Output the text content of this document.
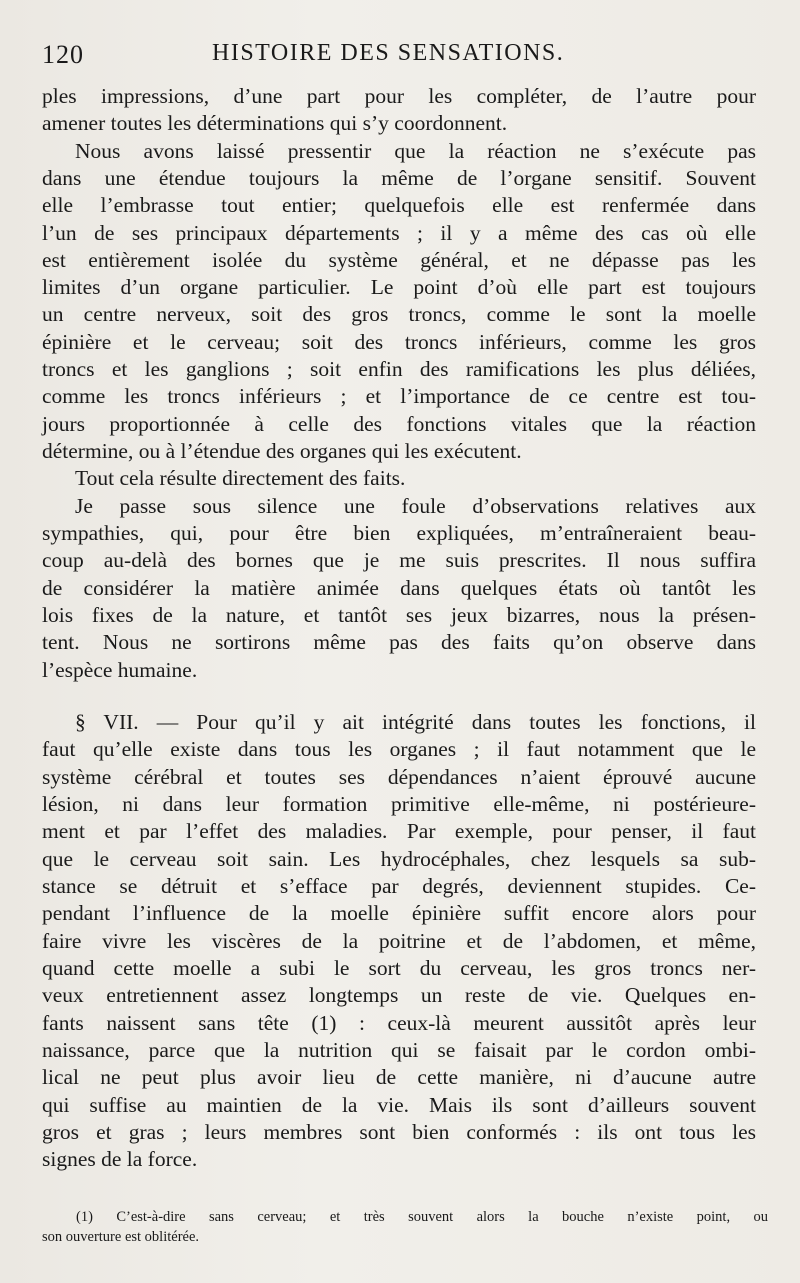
120	HISTOIRE DES SENSATIONS.
ples impressions, d’une part pour les compléter, de l’autre pour
amener toutes les déterminations qui s’y coordonnent.
Nous avons laissé pressentir que la réaction ne s’exécute pas
dans une étendue toujours la même de l’organe sensitif. Souvent
elle l’embrasse tout entier; quelquefois elle est renfermée dans
l’un de ses principaux départements ; il y a même des cas où elle
est entièrement isolée du système général, et ne dépasse pas les
limites d’un organe particulier. Le point d’où elle part est toujours
un centre nerveux, soit des gros troncs, comme le sont la moelle
épinière et le cerveau; soit des troncs inférieurs, comme les gros
troncs et les ganglions ; soit enfin des ramifications les plus déliées,
comme les troncs inférieurs ; et l’importance de ce centre est tou-
jours proportionnée à celle des fonctions vitales que la réaction
détermine, ou à l’étendue des organes qui les exécutent.
Tout cela résulte directement des faits.
Je passe sous silence une foule d’observations relatives aux
sympathies, qui, pour être bien expliquées, m’entraîneraient beau-
coup au-delà des bornes que je me suis prescrites. Il nous suffira
de considérer la matière animée dans quelques états où tantôt les
lois fixes de la nature, et tantôt ses jeux bizarres, nous la présen-
tent. Nous ne sortirons même pas des faits qu’on observe dans
l’espèce humaine.
§ VII. — Pour qu’il y ait intégrité dans toutes les fonctions, il
faut qu’elle existe dans tous les organes ; il faut notamment que le
système cérébral et toutes ses dépendances n’aient éprouvé aucune
lésion, ni dans leur formation primitive elle-même, ni postérieure-
ment et par l’effet des maladies. Par exemple, pour penser, il faut
que le cerveau soit sain. Les hydrocéphales, chez lesquels sa sub-
stance se détruit et s’efface par degrés, deviennent stupides. Ce-
pendant l’influence de la moelle épinière suffit encore alors pour
faire vivre les viscères de la poitrine et de l’abdomen, et même,
quand cette moelle a subi le sort du cerveau, les gros troncs ner-
veux entretiennent assez longtemps un reste de vie. Quelques en-
fants naissent sans tête (1) : ceux-là meurent aussitôt après leur
naissance, parce que la nutrition qui se faisait par le cordon ombi-
lical ne peut plus avoir lieu de cette manière, ni d’aucune autre
qui suffise au maintien de la vie. Mais ils sont d’ailleurs souvent
gros et gras ; leurs membres sont bien conformés : ils ont tous les
signes de la force.
(1) C’est-à-dire sans cerveau; et très souvent alors la bouche n’existe point, ou
son ouverture est oblitérée.
